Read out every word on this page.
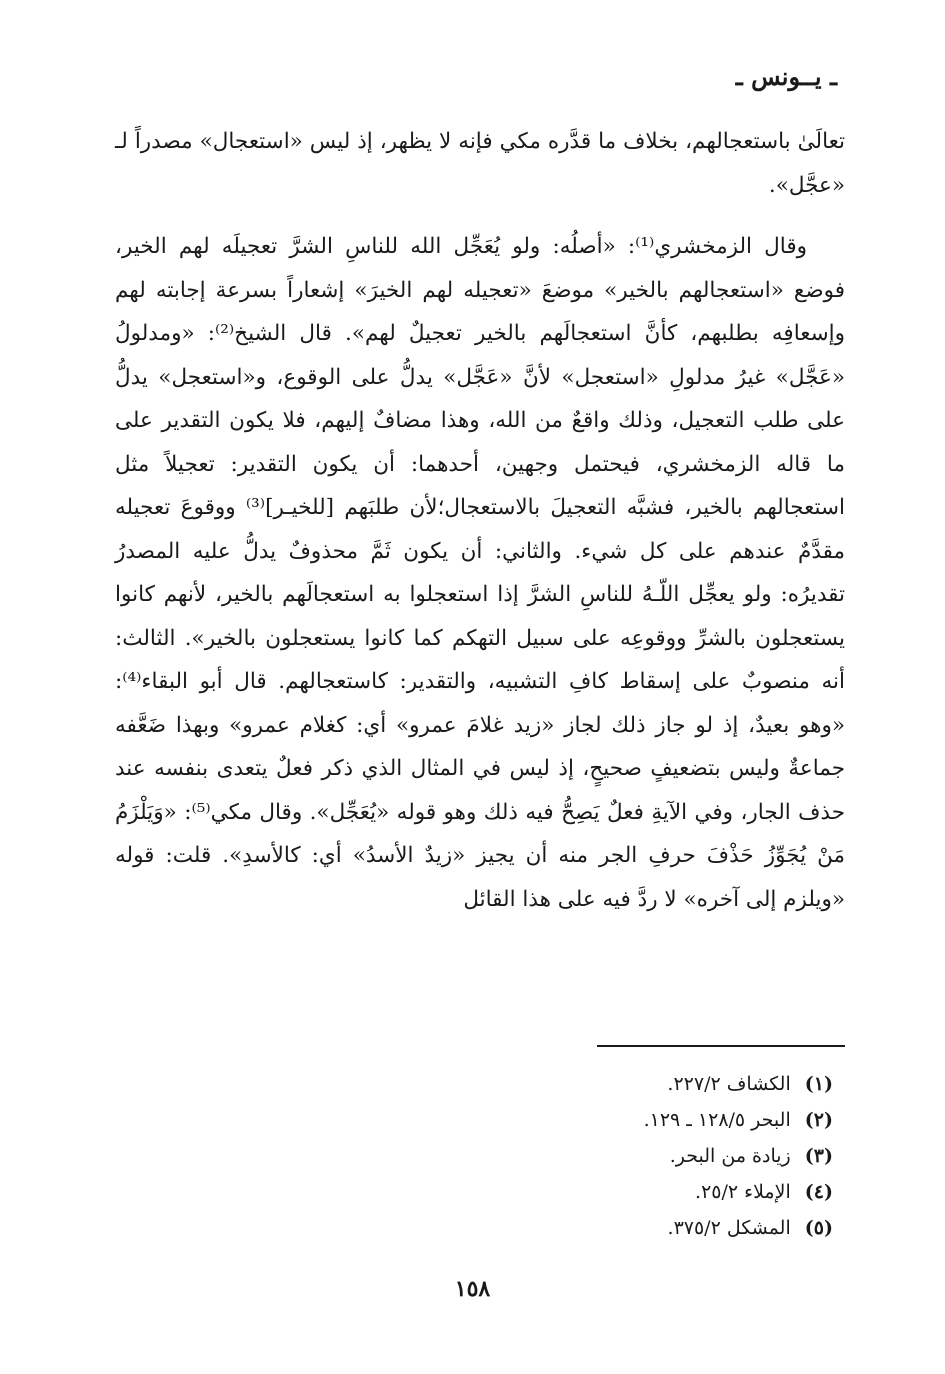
ـ يــونس ـ

تعالَىٰ باستعجالهم، بخلاف ما قدَّره مكي فإنه لا يظهر، إذ ليس «استعجال» مصدراً لـ «عجَّل».

وقال الزمخشري⁽¹⁾: «أصلُه: ولو يُعَجِّل الله للناسِ الشرَّ تعجيلَه لهم الخير، فوضع «استعجالهم بالخير» موضعَ «تعجيله لهم الخيرَ» إشعاراً بسرعة إجابته لهم وإسعافِه بطلبهم، كأنَّ استعجالَهم بالخير تعجيلٌ لهم». قال الشيخ⁽²⁾: «ومدلولُ «عَجَّل» غيرُ مدلولِ «استعجل» لأنَّ «عَجَّل» يدلُّ على الوقوع، و«استعجل» يدلُّ على طلب التعجيل، وذلك واقعٌ من الله، وهذا مضافٌ إليهم، فلا يكون التقدير على ما قاله الزمخشري، فيحتمل وجهين، أحدهما: أن يكون التقدير: تعجيلاً مثل استعجالهم بالخير، فشبَّه التعجيلَ بالاستعجال؛لأن طلبَهم [للخيـر]⁽³⁾ ووقوعَ تعجيله مقدَّمٌ عندهم على كل شيء. والثاني: أن يكون ثَمَّ محذوفٌ يدلُّ عليه المصدرُ تقديرُه: ولو يعجِّل اللّـهُ للناسِ الشرَّ إذا استعجلوا به استعجالَهم بالخير، لأنهم كانوا يستعجلون بالشرِّ ووقوعِه على سبيل التهكم كما كانوا يستعجلون بالخير». الثالث: أنه منصوبٌ على إسقاط كافِ التشبيه، والتقدير: كاستعجالهم. قال أبو البقاء⁽⁴⁾: «وهو بعيدٌ، إذ لو جاز ذلك لجاز «زيد غلامَ عمرو» أي: كغلام عمرو» وبهذا ضَعَّفه جماعةٌ وليس بتضعيفٍ صحيحٍ، إذ ليس في المثال الذي ذكر فعلٌ يتعدى بنفسه عند حذف الجار، وفي الآيةِ فعلٌ يَصِحُّ فيه ذلك وهو قوله «يُعَجِّل». وقال مكي⁽⁵⁾: «وَيَلْزَمُ مَنْ يُجَوِّزُ حَذْفَ حرفِ الجر منه أن يجيز «زيدٌ الأسدُ» أي: كالأسدِ». قلت: قوله «ويلزم إلى آخره» لا ردَّ فيه على هذا القائل

(١) الكشاف ٢٢٧/٢.
(٢) البحر ١٢٨/٥ ـ ١٢٩.
(٣) زيادة من البحر.
(٤) الإملاء ٢٥/٢.
(٥) المشكل ٣٧٥/٢.
١٥٨
